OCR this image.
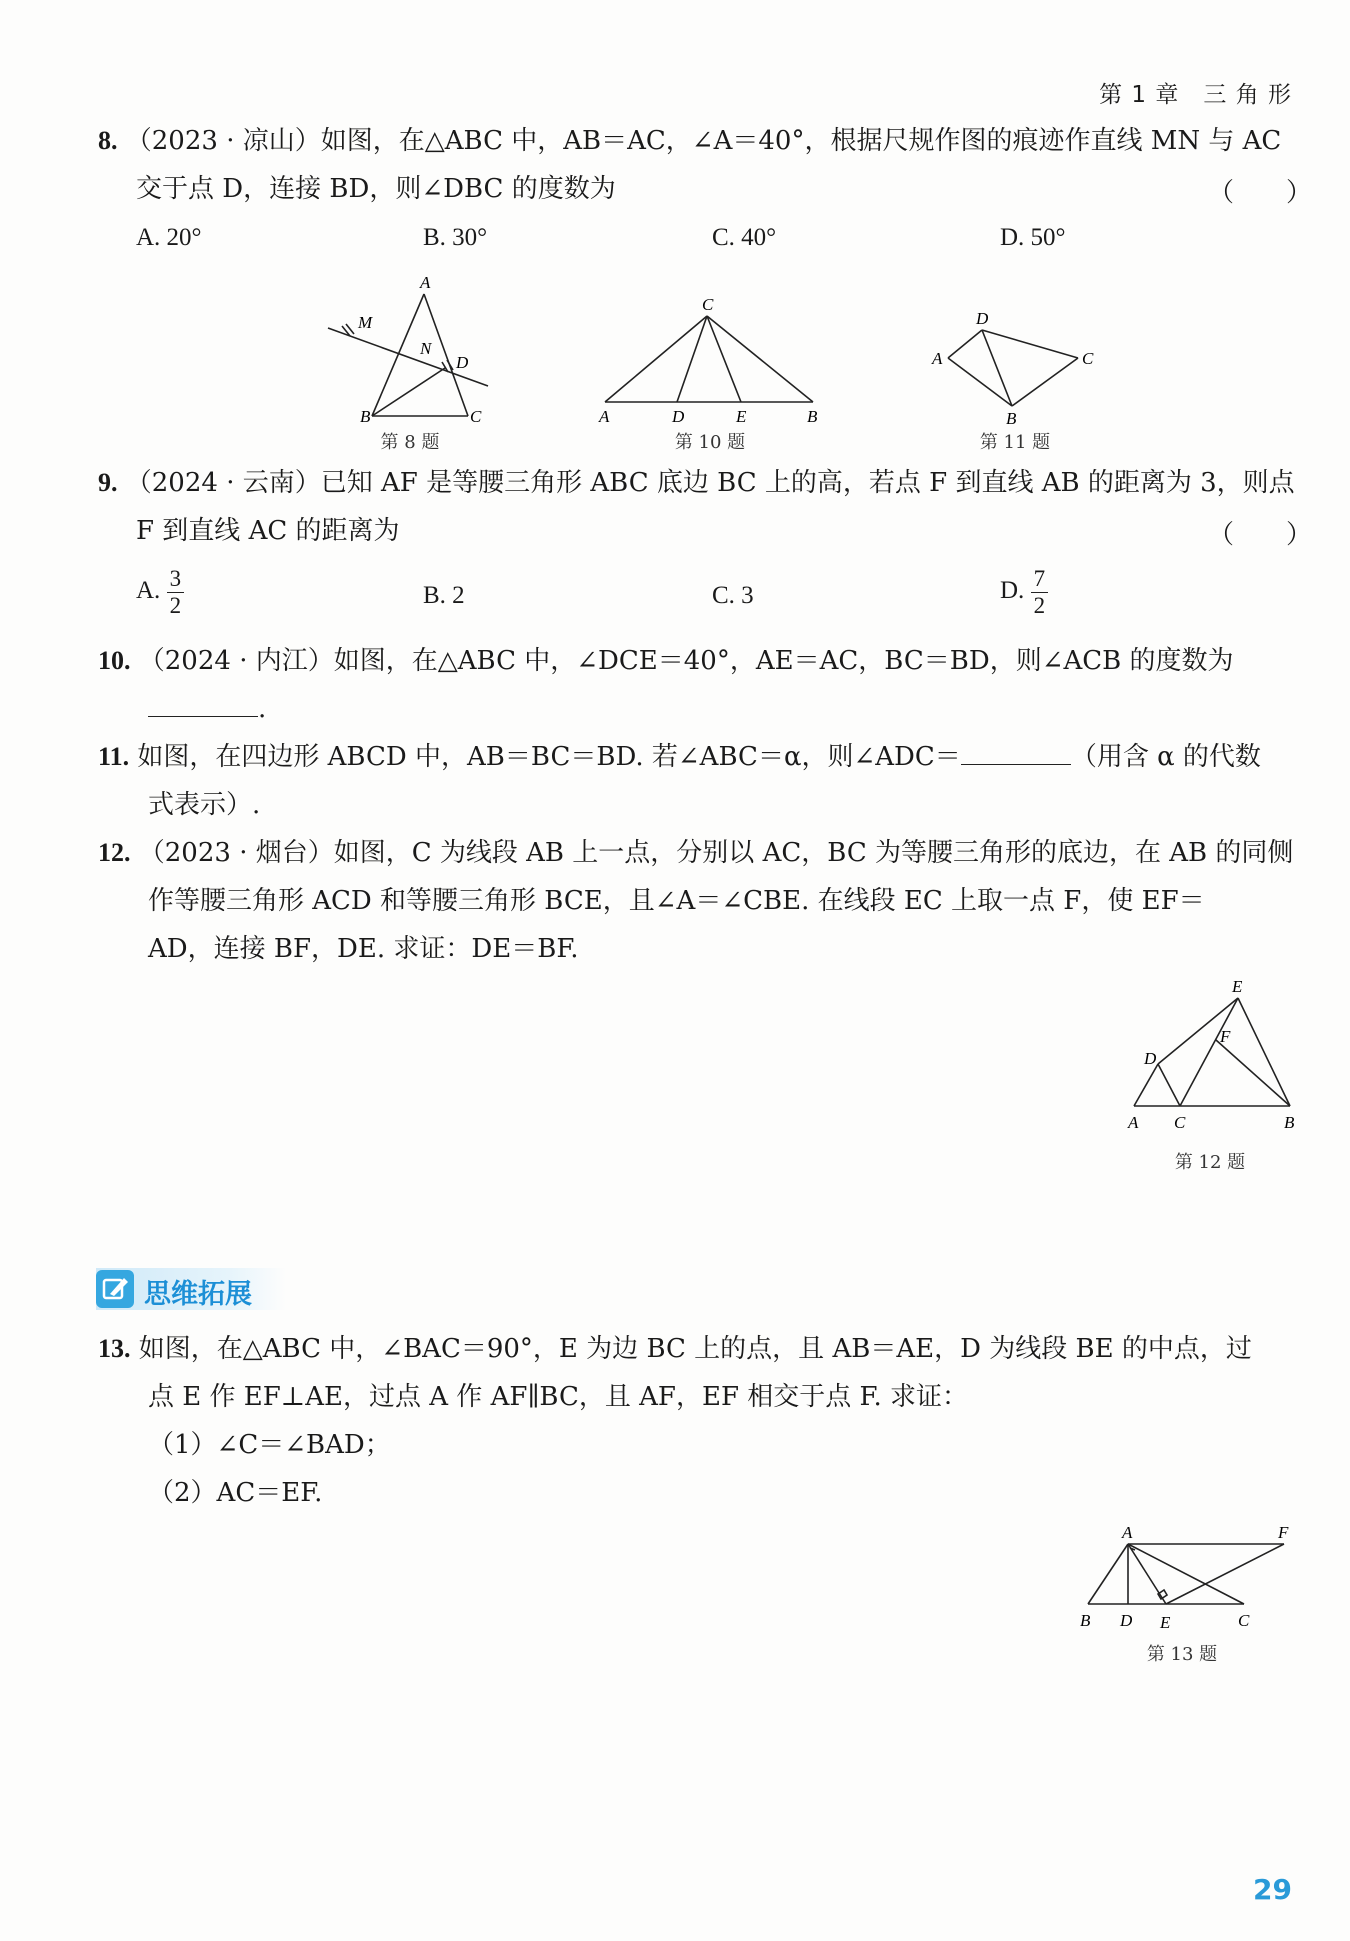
第 1 章　三 角 形
8. （2023 · 凉山）如图，在△ABC 中，AB＝AC，∠A＝40°，根据尺规作图的痕迹作直线 MN 与 AC
交于点 D，连接 BD，则∠DBC 的度数为	（　　）
A. 20°	B. 30°	C. 40°	D. 50°
A
M
N
D
B	C
第 8 题
C
A	D	E	B
第 10 题
D
A	C
B
第 11 题
9. （2024 · 云南）已知 AF 是等腰三角形 ABC 底边 BC 上的高，若点 F 到直线 AB 的距离为 3，则点
F 到直线 AC 的距离为	（　　）
A. $\frac{3}{2}$	B. 2	C. 3	D. $\frac{7}{2}$
10. （2024 · 内江）如图，在△ABC 中，∠DCE＝40°，AE＝AC，BC＝BD，则∠ACB 的度数为
.
11. 如图，在四边形 ABCD 中，AB＝BC＝BD. 若∠ABC＝α，则∠ADC＝	（用含 α 的代数
式表示）.
12. （2023 · 烟台）如图，C 为线段 AB 上一点，分别以 AC，BC 为等腰三角形的底边，在 AB 的同侧
作等腰三角形 ACD 和等腰三角形 BCE，且∠A＝∠CBE. 在线段 EC 上取一点 F，使 EF＝
AD，连接 BF，DE. 求证：DE＝BF.
E
F
D
A C	B
第 12 题
思维拓展
13. 如图，在△ABC 中，∠BAC＝90°，E 为边 BC 上的点，且 AB＝AE，D 为线段 BE 的中点，过
点 E 作 EF⊥AE，过点 A 作 AF∥BC，且 AF，EF 相交于点 F. 求证：
（1）∠C＝∠BAD；
（2）AC＝EF.
A	F
B D E	C
第 13 题
29
